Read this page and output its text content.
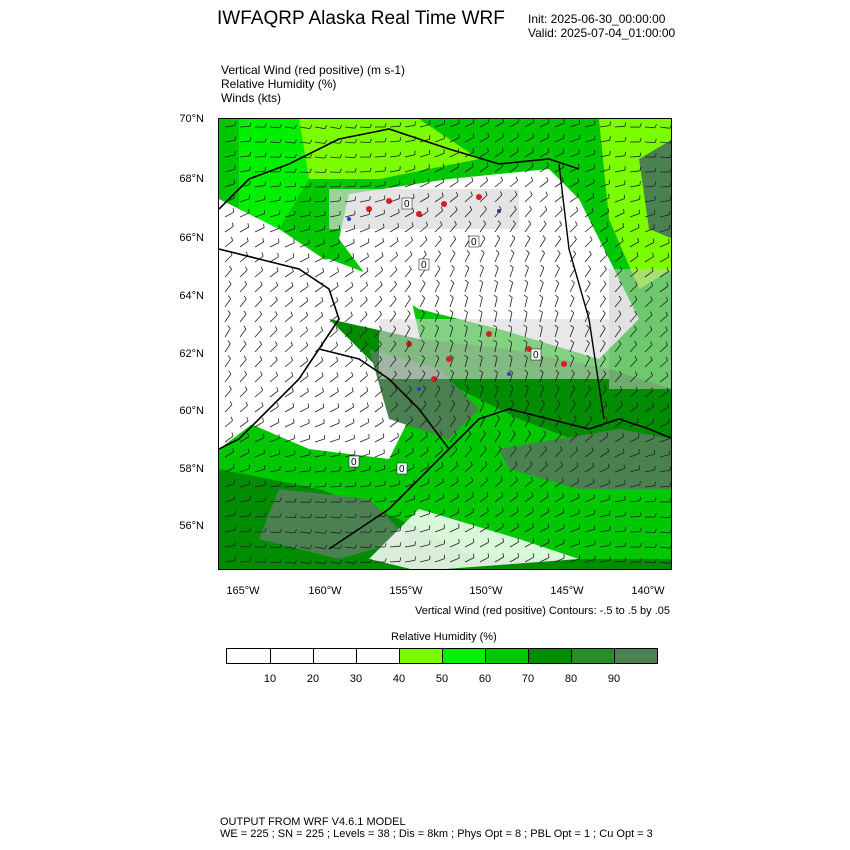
IWFAQRP Alaska Real Time WRF Init: 2025-06-30_00:00:00
Valid: 2025-07-04_01:00:00
Vertical Wind (red positive) (m s-1)
Relative Humidity (%)
Winds (kts)
0
0
0
0
0
0
70°N
68°N
66°N
64°N
62°N
60°N
58°N
56°N
165°W	160°W	155°W	150°W	145°W	140°W
Vertical Wind (red positive) Contours: -.5 to .5 by .05
Relative Humidity (%)
10	20	30	40	50	60	70	80	90
OUTPUT FROM WRF V4.6.1 MODEL
WE = 225 ; SN = 225 ; Levels = 38 ; Dis = 8km ; Phys Opt = 8 ; PBL Opt = 1 ; Cu Opt = 3
